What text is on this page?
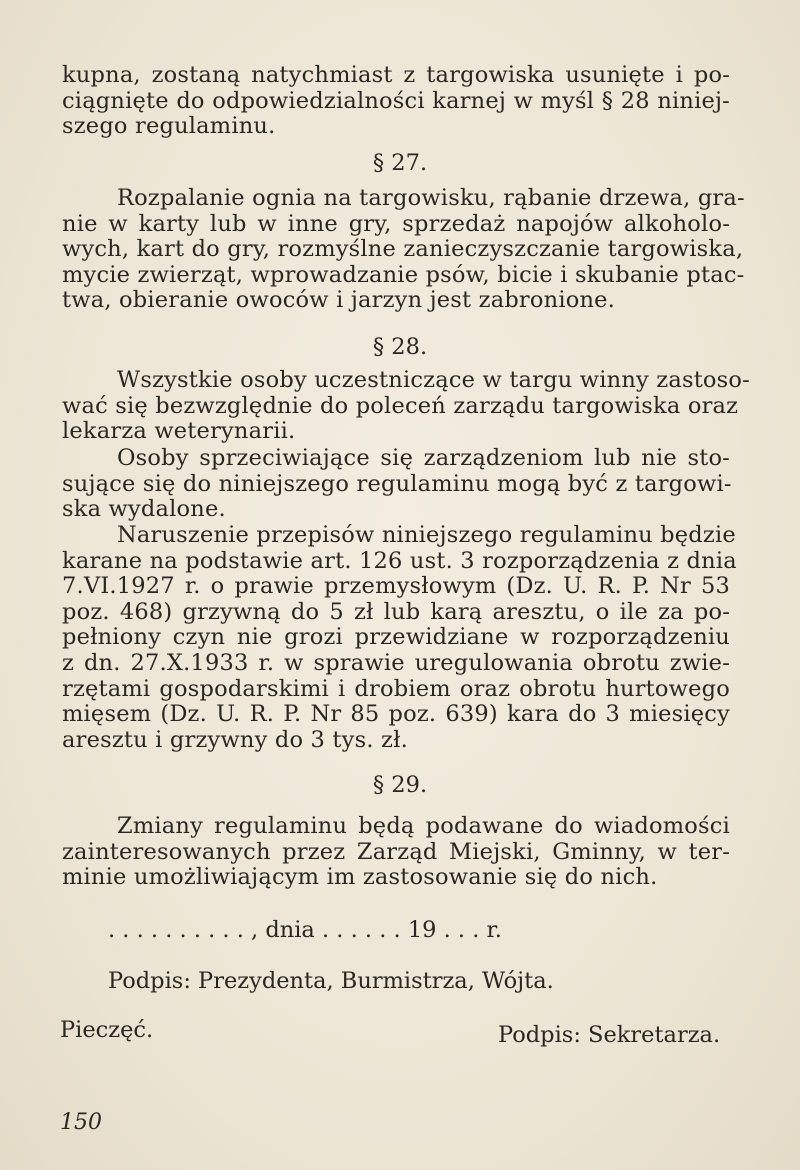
kupna, zostaną natychmiast z targowiska usunięte i po-
ciągnięte do odpowiedzialności karnej w myśl § 28 niniej-
szego regulaminu.
§ 27.
Rozpalanie ognia na targowisku, rąbanie drzewa, gra-
nie w karty lub w inne gry, sprzedaż napojów alkoholo-
wych, kart do gry, rozmyślne zanieczyszczanie targowiska,
mycie zwierząt, wprowadzanie psów, bicie i skubanie ptac-
twa, obieranie owoców i jarzyn jest zabronione.
§ 28.
Wszystkie osoby uczestniczące w targu winny zastoso-
wać się bezwzględnie do poleceń zarządu targowiska oraz
lekarza weterynarii.
Osoby sprzeciwiające się zarządzeniom lub nie sto-
sujące się do niniejszego regulaminu mogą być z targowi-
ska wydalone.
Naruszenie przepisów niniejszego regulaminu będzie
karane na podstawie art. 126 ust. 3 rozporządzenia z dnia
7.VI.1927 r. o prawie przemysłowym (Dz. U. R. P. Nr 53
poz. 468) grzywną do 5 zł lub karą aresztu, o ile za po-
pełniony czyn nie grozi przewidziane w rozporządzeniu
z dn. 27.X.1933 r. w sprawie uregulowania obrotu zwie-
rzętami gospodarskimi i drobiem oraz obrotu hurtowego
mięsem (Dz. U. R. P. Nr 85 poz. 639) kara do 3 miesięcy
aresztu i grzywny do 3 tys. zł.
§ 29.
Zmiany regulaminu będą podawane do wiadomości
zainteresowanych przez Zarząd Miejski, Gminny, w ter-
minie umożliwiającym im zastosowanie się do nich.
. . . . . . . . . . , dnia . . . . . . 19 . . . r.
Podpis: Prezydenta, Burmistrza, Wójta.
Pieczęć.	Podpis: Sekretarza.
150
